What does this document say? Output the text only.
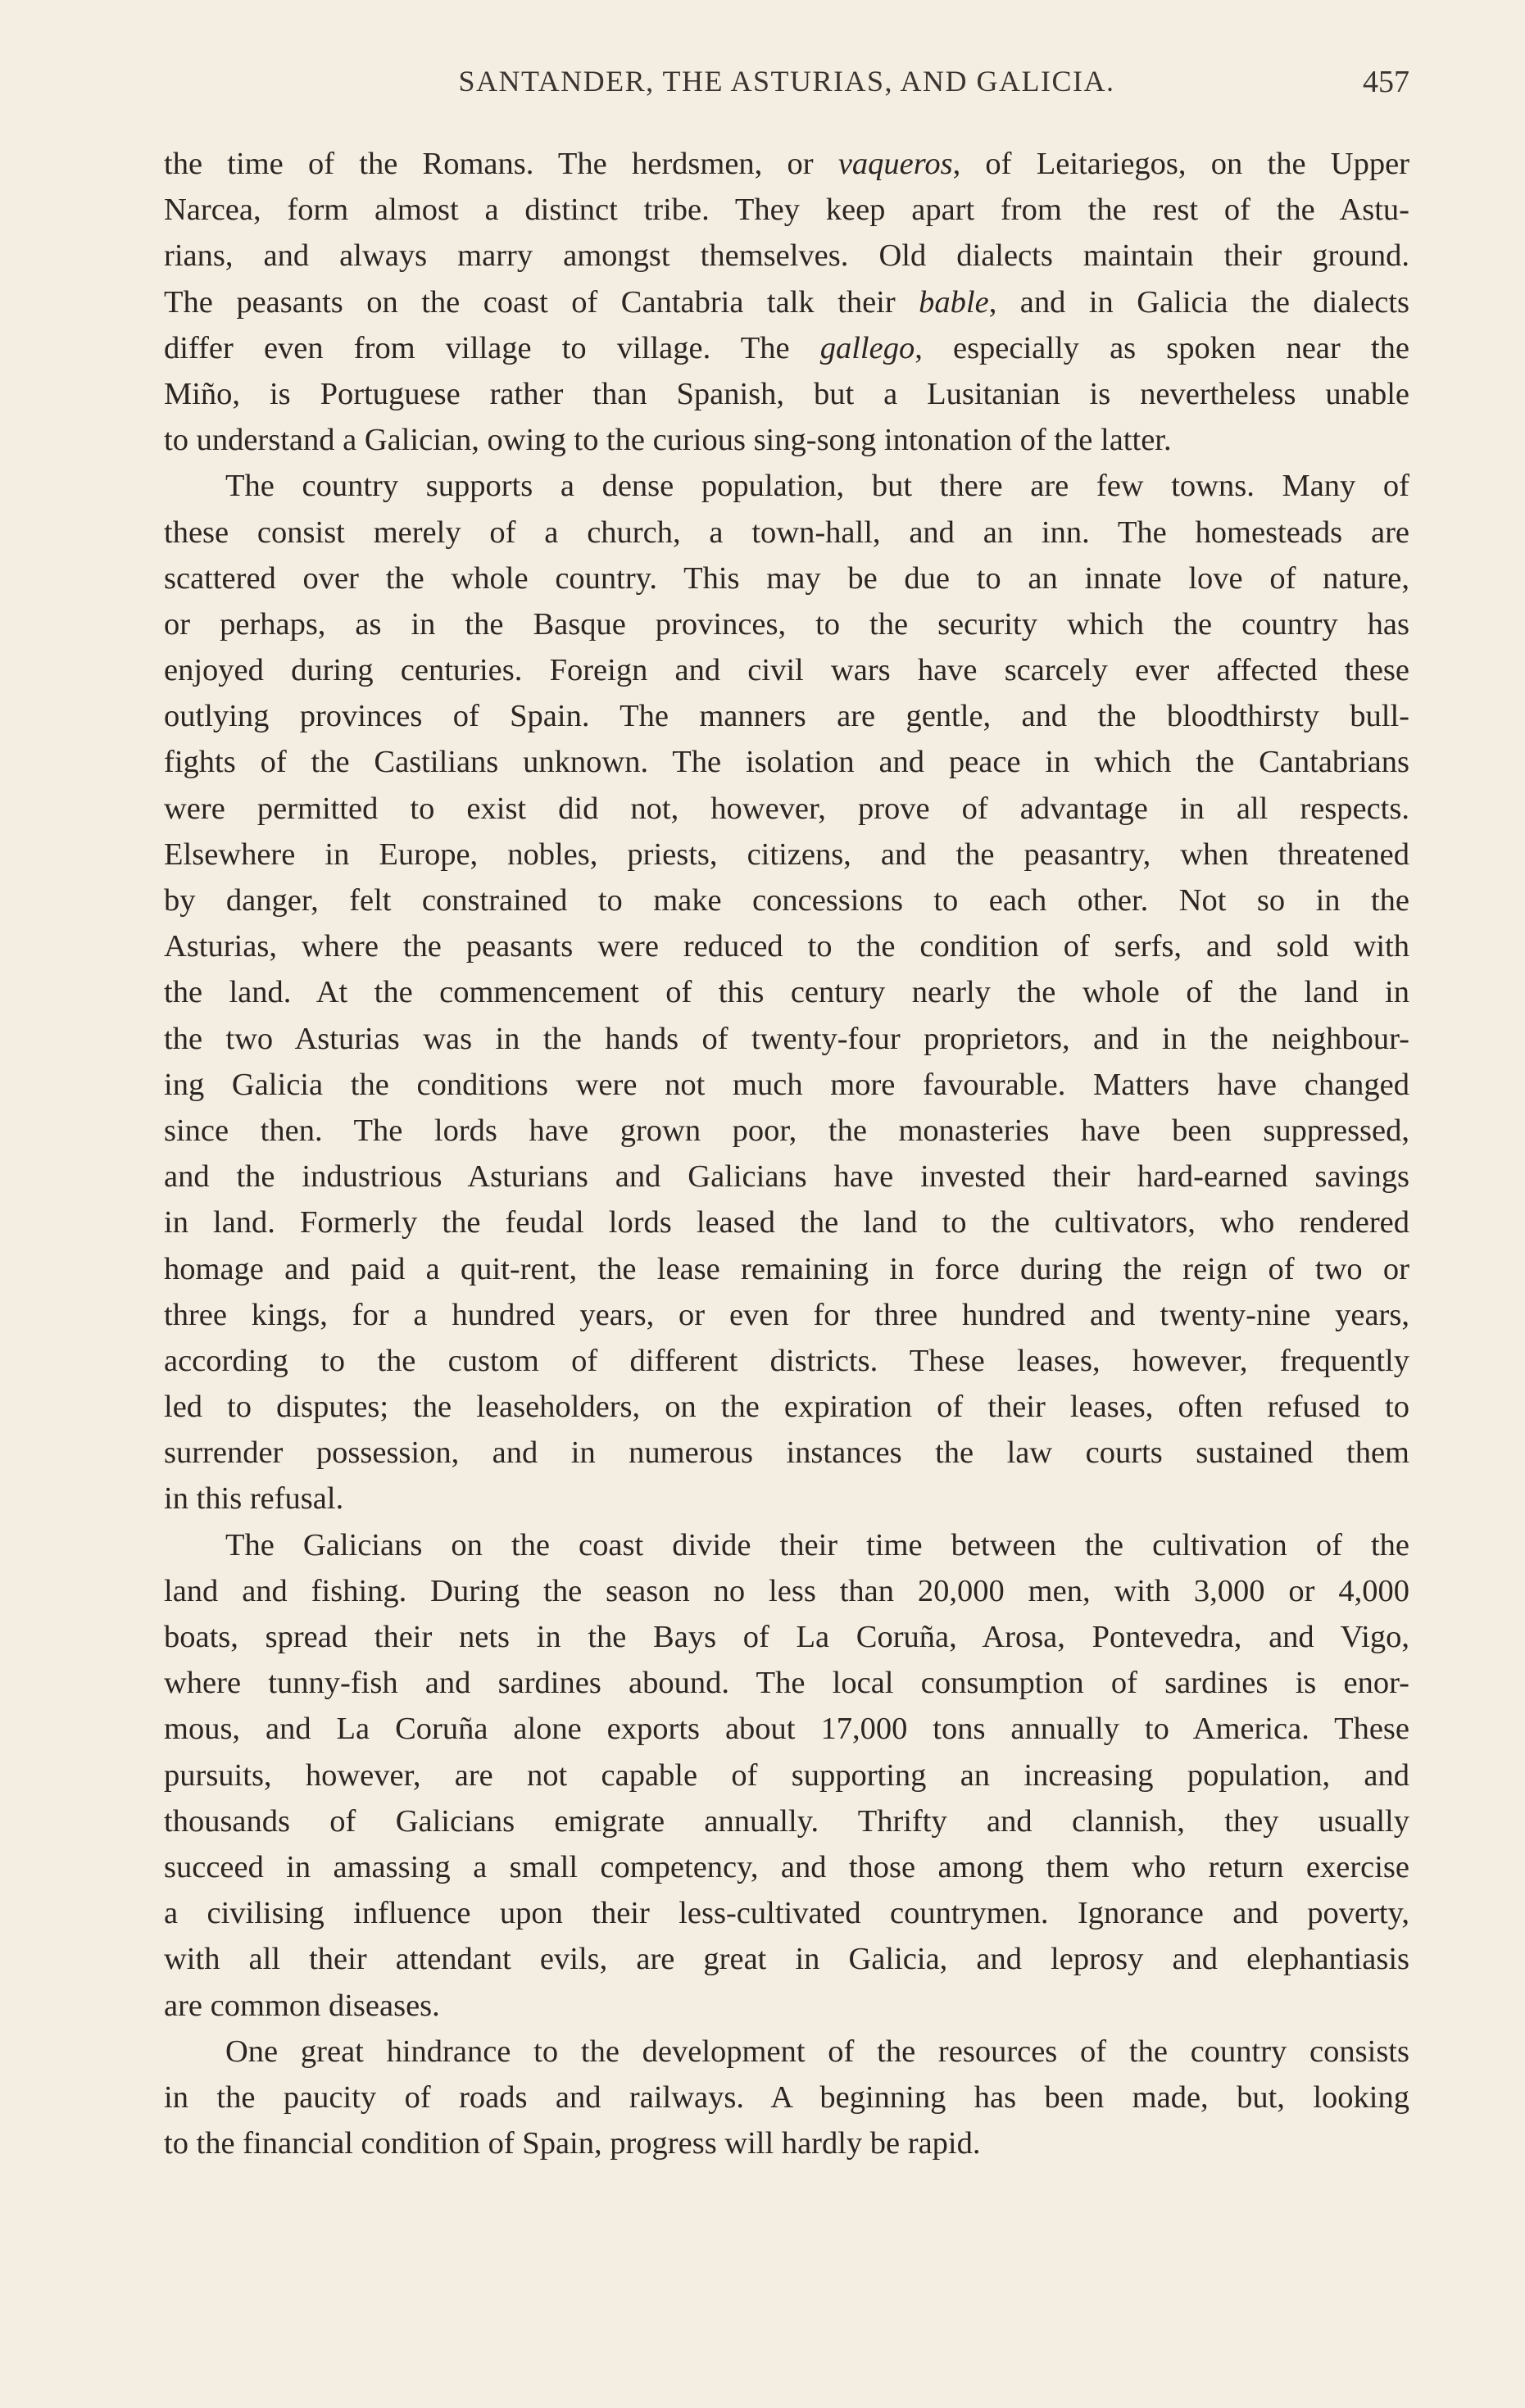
SANTANDER, THE ASTURIAS, AND GALICIA.	457
the time of the Romans. The herdsmen, or vaqueros, of Leitariegos, on the Upper
Narcea, form almost a distinct tribe. They keep apart from the rest of the Astu-
rians, and always marry amongst themselves. Old dialects maintain their ground.
The peasants on the coast of Cantabria talk their bable, and in Galicia the dialects
differ even from village to village. The gallego, especially as spoken near the
Miño, is Portuguese rather than Spanish, but a Lusitanian is nevertheless unable
to understand a Galician, owing to the curious sing-song intonation of the latter.
The country supports a dense population, but there are few towns. Many of
these consist merely of a church, a town-hall, and an inn. The homesteads are
scattered over the whole country. This may be due to an innate love of nature,
or perhaps, as in the Basque provinces, to the security which the country has
enjoyed during centuries. Foreign and civil wars have scarcely ever affected these
outlying provinces of Spain. The manners are gentle, and the bloodthirsty bull-
fights of the Castilians unknown. The isolation and peace in which the Cantabrians
were permitted to exist did not, however, prove of advantage in all respects.
Elsewhere in Europe, nobles, priests, citizens, and the peasantry, when threatened
by danger, felt constrained to make concessions to each other. Not so in the
Asturias, where the peasants were reduced to the condition of serfs, and sold with
the land. At the commencement of this century nearly the whole of the land in
the two Asturias was in the hands of twenty-four proprietors, and in the neighbour-
ing Galicia the conditions were not much more favourable. Matters have changed
since then. The lords have grown poor, the monasteries have been suppressed,
and the industrious Asturians and Galicians have invested their hard-earned savings
in land. Formerly the feudal lords leased the land to the cultivators, who rendered
homage and paid a quit-rent, the lease remaining in force during the reign of two or
three kings, for a hundred years, or even for three hundred and twenty-nine years,
according to the custom of different districts. These leases, however, frequently
led to disputes; the leaseholders, on the expiration of their leases, often refused to
surrender possession, and in numerous instances the law courts sustained them
in this refusal.
The Galicians on the coast divide their time between the cultivation of the
land and fishing. During the season no less than 20,000 men, with 3,000 or 4,000
boats, spread their nets in the Bays of La Coruña, Arosa, Pontevedra, and Vigo,
where tunny-fish and sardines abound. The local consumption of sardines is enor-
mous, and La Coruña alone exports about 17,000 tons annually to America. These
pursuits, however, are not capable of supporting an increasing population, and
thousands of Galicians emigrate annually. Thrifty and clannish, they usually
succeed in amassing a small competency, and those among them who return exercise
a civilising influence upon their less-cultivated countrymen. Ignorance and poverty,
with all their attendant evils, are great in Galicia, and leprosy and elephantiasis
are common diseases.
One great hindrance to the development of the resources of the country consists
in the paucity of roads and railways. A beginning has been made, but, looking
to the financial condition of Spain, progress will hardly be rapid.
